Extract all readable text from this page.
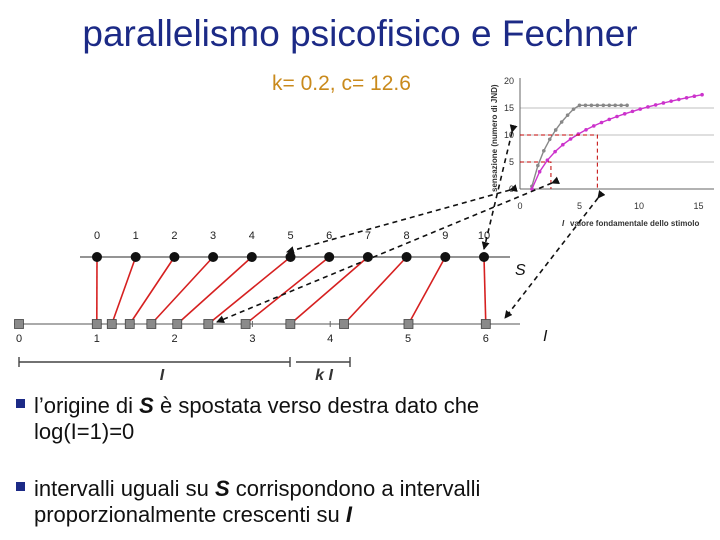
parallelismo psicofisico e Fechner
k= 0.2, c= 12.6	20
15
10
5
0
0	5	10	15
sensazione (numero di JND)
I valore fondamentale dello stimolo
0	1	2	3	4	5	6	7	8	9	10
S
0	1	2	3	4	5	6	I
I	k I
l’origine di S è spostata verso destra dato che
log(I=1)=0
intervalli uguali su S corrispondono a intervalli
proporzionalmente crescenti su I
